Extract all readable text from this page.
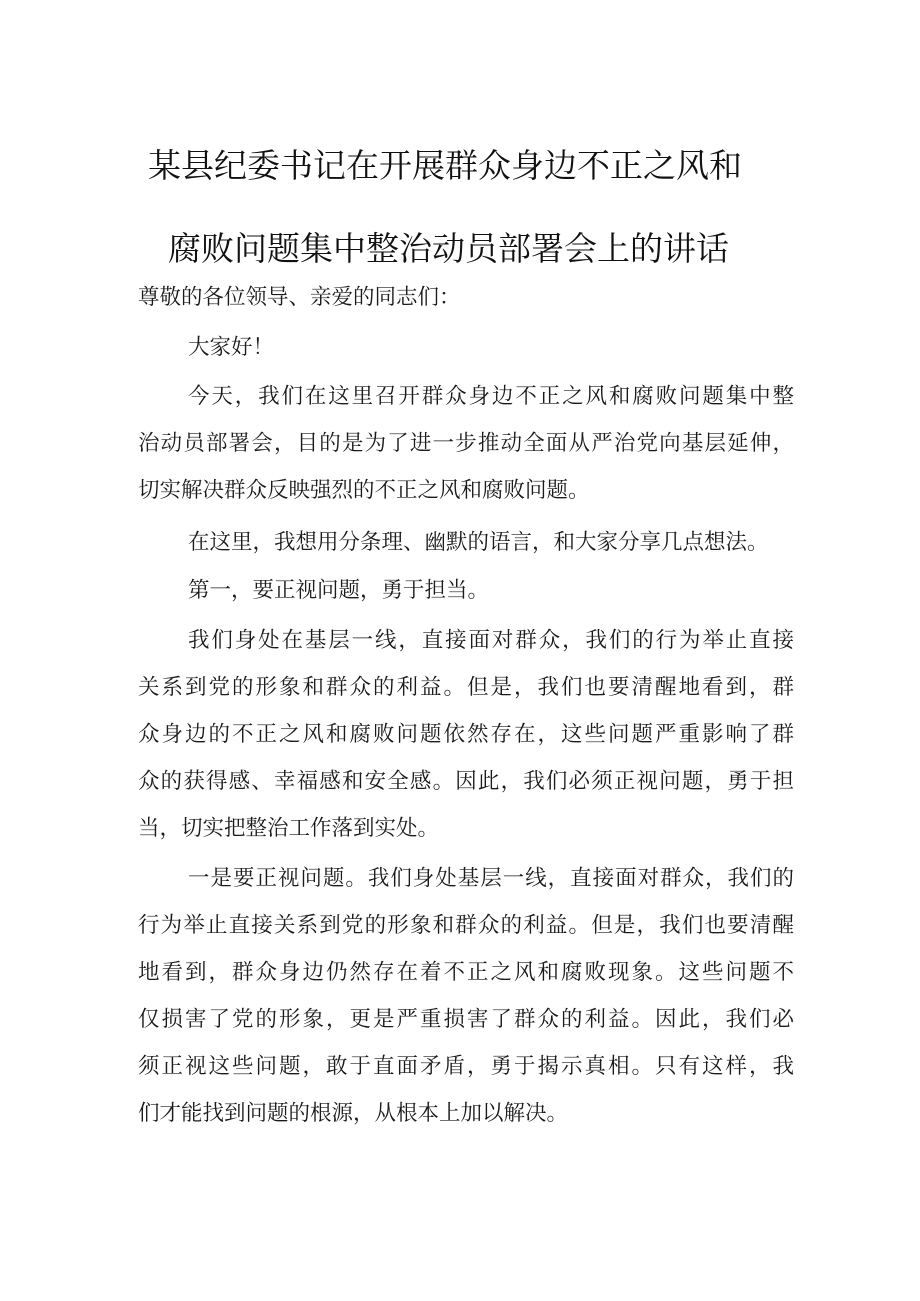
某县纪委书记在开展群众身边不正之风和
腐败问题集中整治动员部署会上的讲话
尊敬的各位领导、亲爱的同志们：
大家好！
今天，我们在这里召开群众身边不正之风和腐败问题集中整
治动员部署会，目的是为了进一步推动全面从严治党向基层延伸，
切实解决群众反映强烈的不正之风和腐败问题。
在这里，我想用分条理、幽默的语言，和大家分享几点想法。
第一，要正视问题，勇于担当。
我们身处在基层一线，直接面对群众，我们的行为举止直接
关系到党的形象和群众的利益。但是，我们也要清醒地看到，群
众身边的不正之风和腐败问题依然存在，这些问题严重影响了群
众的获得感、幸福感和安全感。因此，我们必须正视问题，勇于担
当，切实把整治工作落到实处。
一是要正视问题。我们身处基层一线，直接面对群众，我们的
行为举止直接关系到党的形象和群众的利益。但是，我们也要清醒
地看到，群众身边仍然存在着不正之风和腐败现象。这些问题不
仅损害了党的形象，更是严重损害了群众的利益。因此，我们必
须正视这些问题，敢于直面矛盾，勇于揭示真相。只有这样，我
们才能找到问题的根源，从根本上加以解决。
